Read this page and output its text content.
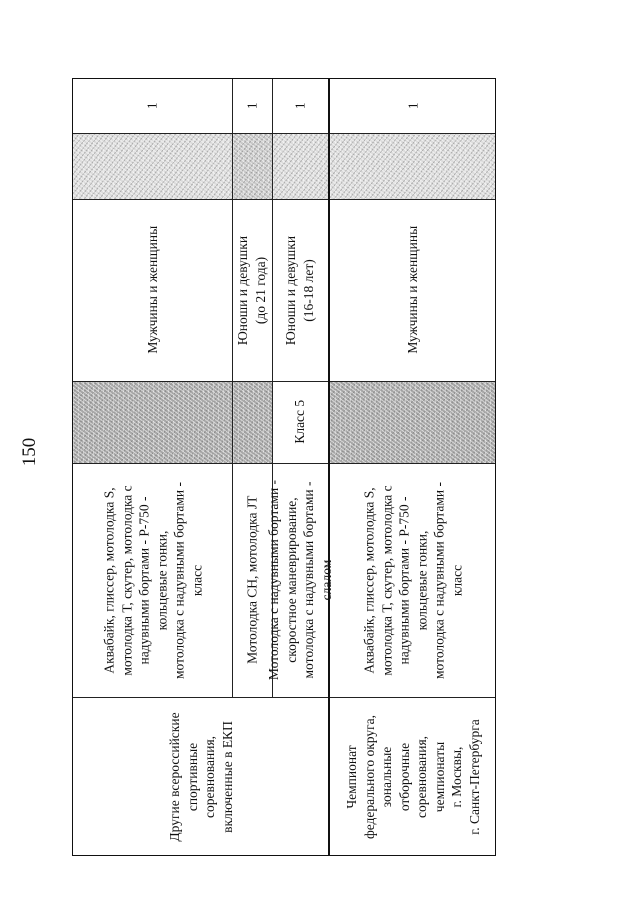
150
1
Мужчины и женщины
Аквабайк, глиссер, мотолодка S,
мотолодка Т, скутер, мотолодка с
надувными бортами - Р-750 -
кольцевые гонки,
мотолодка с надувными бортами -
класс
1
Юноши и девушки
(до 21 года)
Мотолодка СН, мотолодка JT
1
Юноши и девушки
(16-18 лет)
Класс 5
Мотолодка с надувными бортами -
скоростное маневрирование,
мотолодка с надувными бортами -
слалом
Другие всероссийские
спортивные
соревнования,
включенные в ЕКП
1
Мужчины и женщины
Аквабайк, глиссер, мотолодка S,
мотолодка Т, скутер, мотолодка с
надувными бортами - Р-750 -
кольцевые гонки,
мотолодка с надувными бортами -
класс
Чемпионат
федерального округа,
зональные
отборочные
соревнования,
чемпионаты
г. Москвы,
г. Санкт-Петербурга
